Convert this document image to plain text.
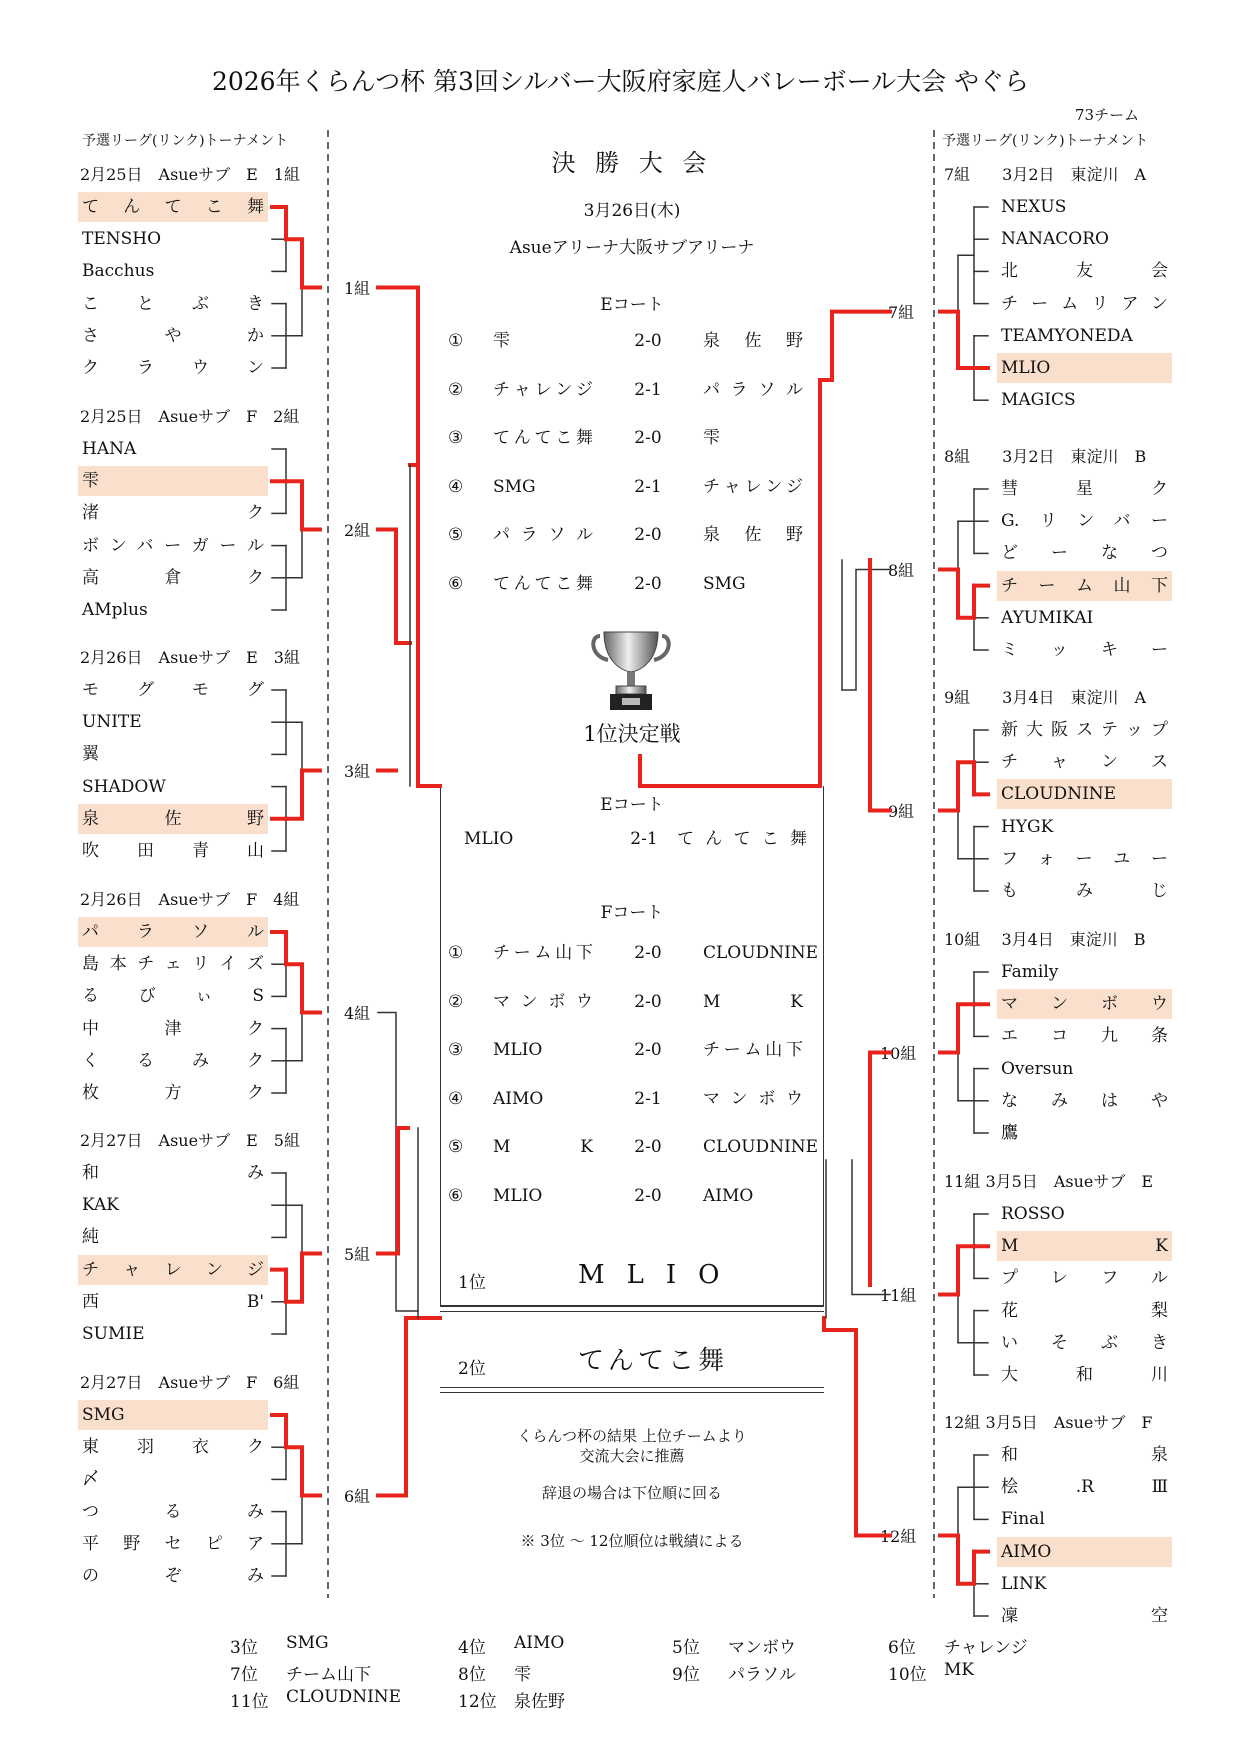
2026年くらんつ杯 第3回シルバー大阪府家庭人バレーボール大会 やぐら
73チーム
予選リーグ(リンク)トーナメント	予選リーグ(リンク)トーナメント
決 勝 大 会
3月26日(木)
Asueアリーナ大阪サブアリーナ
Eコート
2月25日　Asueサブ　E　1組
てんてこ舞
TENSHO
Bacchus
ことぶき
さやか
クラウン
1組
2月25日　Asueサブ　F　2組
HANA
雫
渚　　　　　　　ク
ボンバーガール
高倉ク
AMplus
2組
2月26日　Asueサブ　E　3組
モグモグ
UNITE
翼
SHADOW
泉佐野
吹田青山
3組
2月26日　Asueサブ　F　4組
パラソル
島本チェリイズ
るびぃS
中津ク
くるみク
枚方ク
4組
2月27日　Asueサブ　E　5組
和み
KAK
純
チャレンジ
西B'
SUMIE
5組
2月27日　Asueサブ　F　6組
SMG
東羽衣ク
〆
つるみ
平野セピア
のぞみ
6組
7組　　3月2日　東淀川　A
NEXUS
NANACORO
北友会
チームリアン
TEAMYONEDA
MLIO
MAGICS
7組
8組　　3月2日　東淀川　B
彗星ク
G.リンバー
どーなつ
チーム山下
AYUMIKAI
ミッキー
8組
9組　　3月4日　東淀川　A
新大阪ステップ
チャンス
CLOUDNINE
HYGK
フォーユー
もみじ
9組
10組　 3月4日　東淀川　B
Family
マンボウ
エコ九条
Oversun
なみはや
鷹
10組
11組 3月5日　Asueサブ　E
ROSSO
M　K
プレフル
花梨
いそぶき
大和川
11組
12組 3月5日　Asueサブ　F
和泉
桧.RⅢ
Final
AIMO
LINK
凜空
12組
①	雫	2-0	泉佐野
②	チャレンジ	2-1	パラソル
③	てんてこ舞	2-0	雫
④	SMG	2-1	チャレンジ
⑤	パラソル	2-0	泉佐野
⑥	てんてこ舞	2-0	SMG
①	チーム山下	2-0	CLOUDNINE
②	マンボウ	2-0	M　K
③	MLIO	2-0	チーム山下
④	AIMO	2-1	マンボウ
⑤	M　K	2-0	CLOUDNINE
⑥	MLIO	2-0	AIMO
1位決定戦
Eコート
MLIO	2-1	てんてこ舞
Fコート
1位	MLIO
2位	てんてこ舞
くらんつ杯の結果 上位チームより
交流大会に推薦
辞退の場合は下位順に回る
※ 3位 ～ 12位順位は戦績による
3位 SMG	4位 AIMO	5位 マンボウ	6位 チャレンジ
7位 チーム山下	8位 雫	9位 パラソル	10位 MK
11位 CLOUDNINE	12位 泉佐野
